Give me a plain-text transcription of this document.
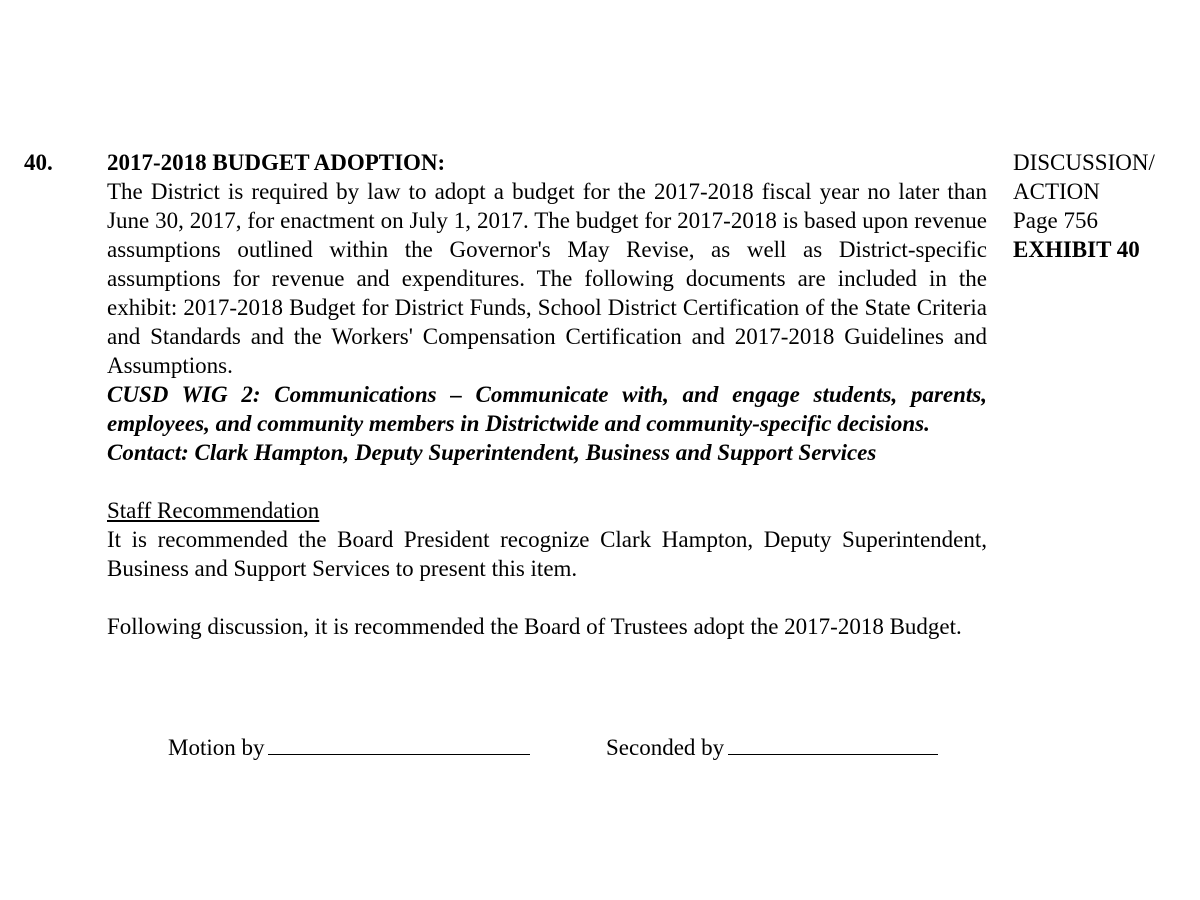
40. 2017-2018 BUDGET ADOPTION:
The District is required by law to adopt a budget for the 2017-2018 fiscal year no later than June 30, 2017, for enactment on July 1, 2017. The budget for 2017-2018 is based upon revenue assumptions outlined within the Governor's May Revise, as well as District-specific assumptions for revenue and expenditures. The following documents are included in the exhibit: 2017-2018 Budget for District Funds, School District Certification of the State Criteria and Standards and the Workers' Compensation Certification and 2017-2018 Guidelines and Assumptions.
CUSD WIG 2: Communications – Communicate with, and engage students, parents, employees, and community members in Districtwide and community-specific decisions.
Contact: Clark Hampton, Deputy Superintendent, Business and Support Services
Staff Recommendation
It is recommended the Board President recognize Clark Hampton, Deputy Superintendent, Business and Support Services to present this item.
Following discussion, it is recommended the Board of Trustees adopt the 2017-2018 Budget.
DISCUSSION/
ACTION
Page 756
EXHIBIT 40
Motion by	Seconded by
